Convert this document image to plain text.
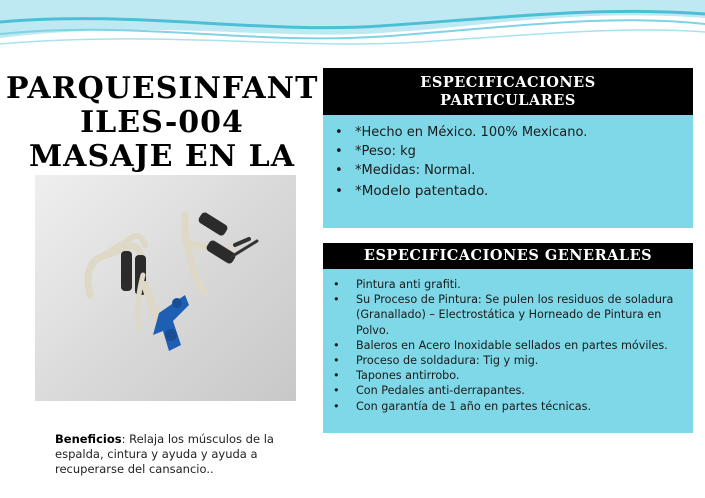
PARQUESINFANT
ILES-004
MASAJE EN LA
Beneficios: Relaja los músculos de la espalda, cintura y ayuda y ayuda a recuperarse del cansancio..
ESPECIFICACIONES
PARTICULARES
• *Hecho en México. 100% Mexicano.
• *Peso: kg
• *Medidas: Normal.
• *Modelo patentado.
ESPECIFICACIONES GENERALES
• Pintura anti grafiti.
• Su Proceso de Pintura: Se pulen los residuos de soladura (Granallado) – Electrostática y Horneado de Pintura en Polvo.
• Baleros en Acero Inoxidable sellados en partes móviles.
• Proceso de soldadura: Tig y mig.
• Tapones antirrobo.
• Con Pedales anti-derrapantes.
• Con garantía de 1 año en partes técnicas.
